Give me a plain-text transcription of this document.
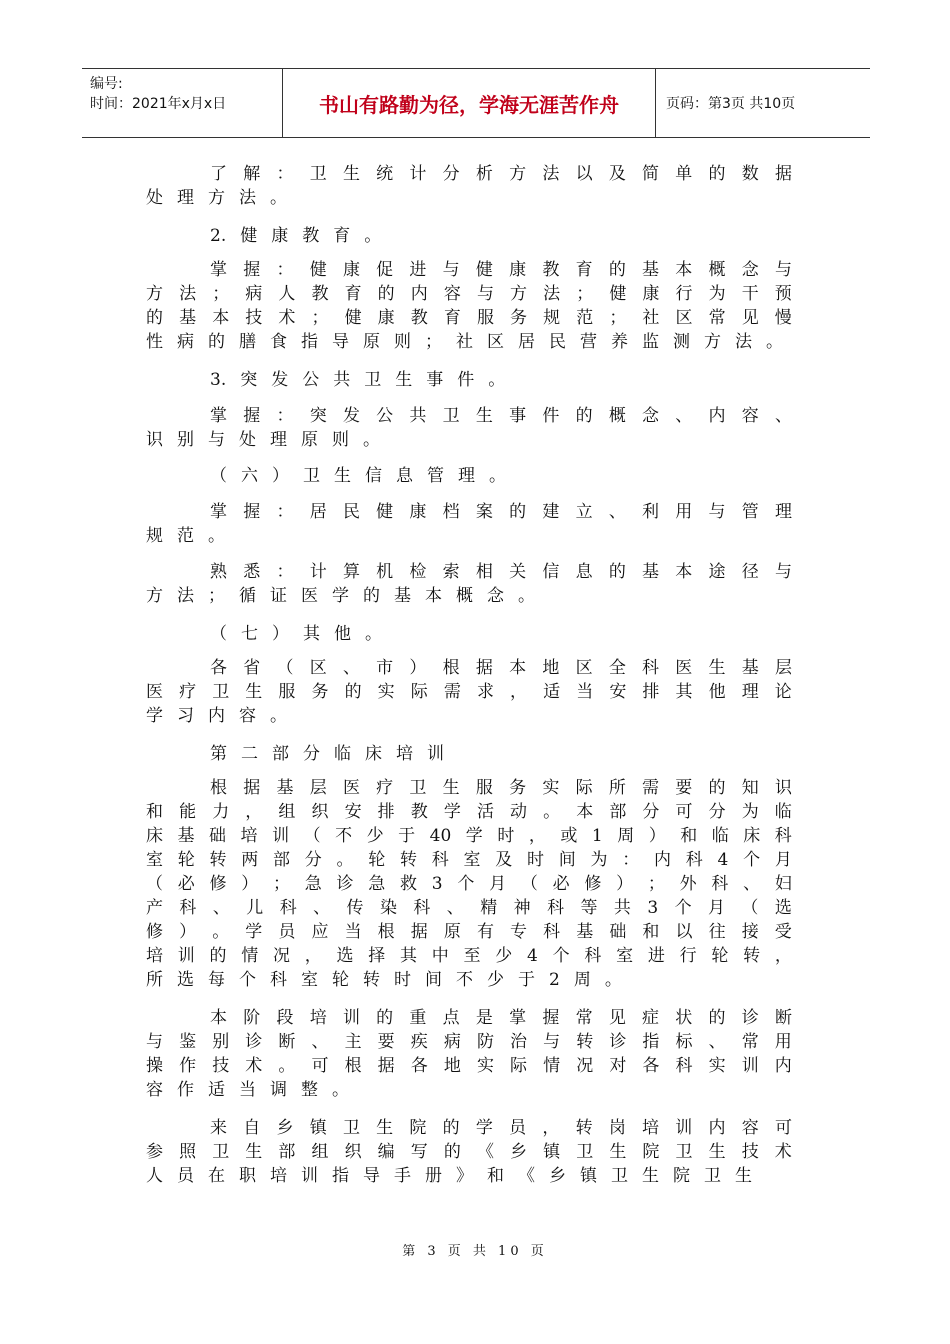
编号:
时间：2021年x月x日	书山有路勤为径，学海无涯苦作舟	页码：第3页 共10页
了 解 ： 卫 生 统 计 分 析 方 法 以 及 简 单 的 数 据
处 理 方 法 。
2. 健 康 教 育 。
掌 握 ： 健 康 促 进 与 健 康 教 育 的 基 本 概 念 与
方 法 ； 病 人 教 育 的 内 容 与 方 法 ； 健 康 行 为 干 预
的 基 本 技 术 ； 健 康 教 育 服 务 规 范 ； 社 区 常 见 慢
性 病 的 膳 食 指 导 原 则 ； 社 区 居 民 营 养 监 测 方 法 。
3. 突 发 公 共 卫 生 事 件 。
掌 握 ： 突 发 公 共 卫 生 事 件 的 概 念 、 内 容 、
识 别 与 处 理 原 则 。
（ 六 ） 卫 生 信 息 管 理 。
掌 握 ： 居 民 健 康 档 案 的 建 立 、 利 用 与 管 理
规 范 。
熟 悉 ： 计 算 机 检 索 相 关 信 息 的 基 本 途 径 与
方 法 ； 循 证 医 学 的 基 本 概 念 。
（ 七 ） 其 他 。
各 省 （ 区 、 市 ） 根 据 本 地 区 全 科 医 生 基 层
医 疗 卫 生 服 务 的 实 际 需 求 ， 适 当 安 排 其 他 理 论
学 习 内 容 。
第 二 部 分 临 床 培 训
根 据 基 层 医 疗 卫 生 服 务 实 际 所 需 要 的 知 识
和 能 力 ， 组 织 安 排 教 学 活 动 。 本 部 分 可 分 为 临
床 基 础 培 训 （ 不 少 于 40 学 时 ， 或 1 周 ） 和 临 床 科
室 轮 转 两 部 分 。 轮 转 科 室 及 时 间 为 ： 内 科 4 个 月
（ 必 修 ） ； 急 诊 急 救 3 个 月 （ 必 修 ） ； 外 科 、 妇
产 科 、 儿 科 、 传 染 科 、 精 神 科 等 共 3 个 月 （ 选
修 ） 。 学 员 应 当 根 据 原 有 专 科 基 础 和 以 往 接 受
培 训 的 情 况 ， 选 择 其 中 至 少 4 个 科 室 进 行 轮 转 ，
所 选 每 个 科 室 轮 转 时 间 不 少 于 2 周 。
本 阶 段 培 训 的 重 点 是 掌 握 常 见 症 状 的 诊 断
与 鉴 别 诊 断 、 主 要 疾 病 防 治 与 转 诊 指 标 、 常 用
操 作 技 术 。 可 根 据 各 地 实 际 情 况 对 各 科 实 训 内
容 作 适 当 调 整 。
来 自 乡 镇 卫 生 院 的 学 员 ， 转 岗 培 训 内 容 可
参 照 卫 生 部 组 织 编 写 的 《 乡 镇 卫 生 院 卫 生 技 术
人 员 在 职 培 训 指 导 手 册 》 和 《 乡 镇 卫 生 院 卫 生
第 3 页 共 10 页
